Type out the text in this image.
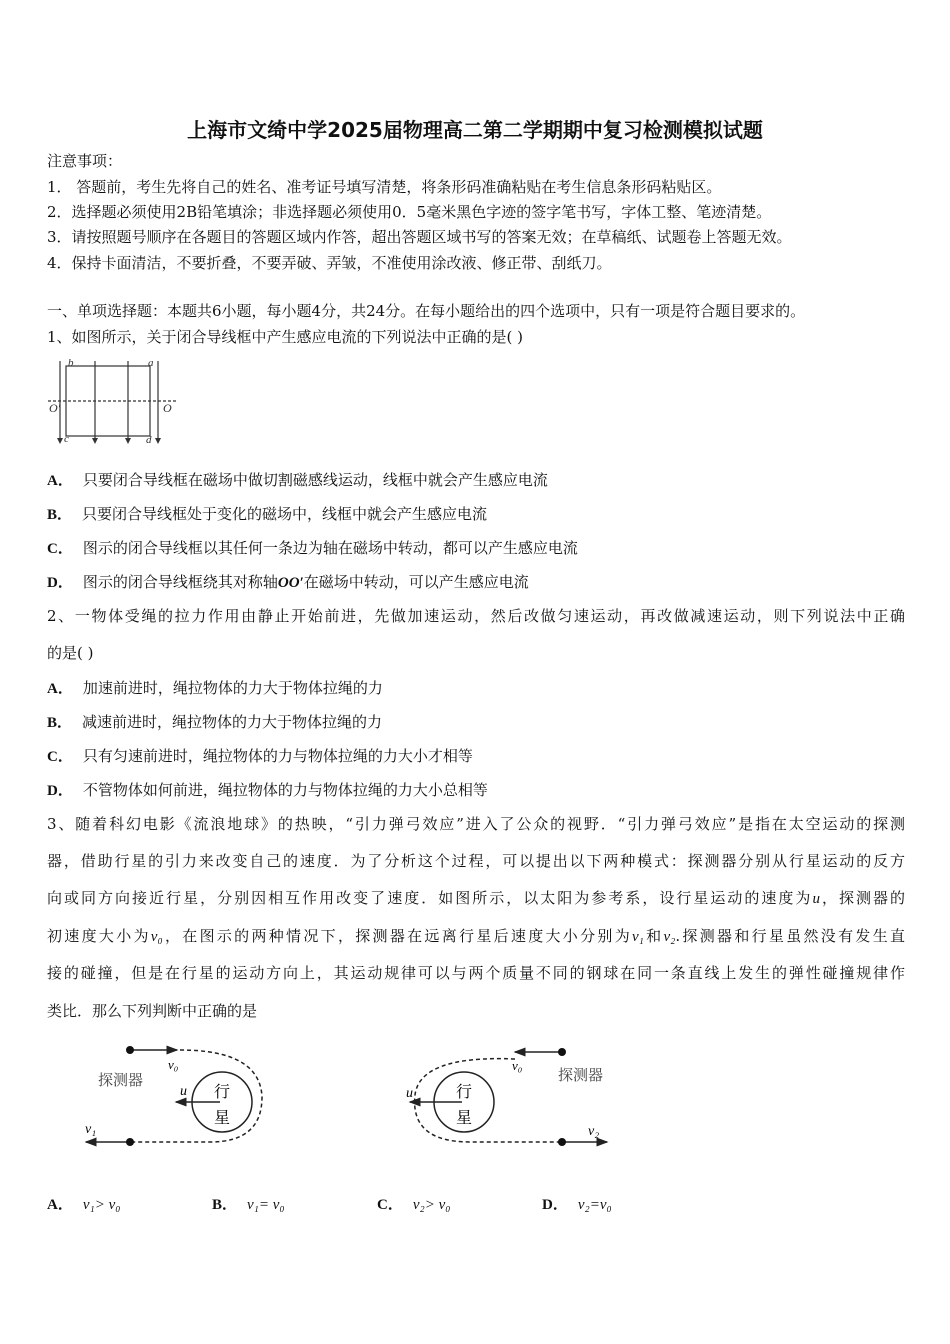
上海市文绮中学2025届物理高二第二学期期中复习检测模拟试题
注意事项：
1． 答题前，考生先将自己的姓名、准考证号填写清楚，将条形码准确粘贴在考生信息条形码粘贴区。
2．选择题必须使用2B铅笔填涂；非选择题必须使用0．5毫米黑色字迹的签字笔书写，字体工整、笔迹清楚。
3．请按照题号顺序在各题目的答题区域内作答，超出答题区域书写的答案无效；在草稿纸、试题卷上答题无效。
4．保持卡面清洁，不要折叠，不要弄破、弄皱，不准使用涂改液、修正带、刮纸刀。
一、单项选择题：本题共6小题，每小题4分，共24分。在每小题给出的四个选项中，只有一项是符合题目要求的。
1、如图所示，关于闭合导线框中产生感应电流的下列说法中正确的是( )
b	a
c	d
O′	O
A． 只要闭合导线框在磁场中做切割磁感线运动，线框中就会产生感应电流
B． 只要闭合导线框处于变化的磁场中，线框中就会产生感应电流
C． 图示的闭合导线框以其任何一条边为轴在磁场中转动，都可以产生感应电流
D． 图示的闭合导线框绕其对称轴OO′在磁场中转动，可以产生感应电流
2、一物体受绳的拉力作用由静止开始前进，先做加速运动，然后改做匀速运动，再改做减速运动，则下列说法中正确
的是( )
A． 加速前进时，绳拉物体的力大于物体拉绳的力
B． 减速前进时，绳拉物体的力大于物体拉绳的力
C． 只有匀速前进时，绳拉物体的力与物体拉绳的力大小才相等
D． 不管物体如何前进，绳拉物体的力与物体拉绳的力大小总相等
3、随着科幻电影《流浪地球》的热映，“引力弹弓效应”进入了公众的视野．“引力弹弓效应”是指在太空运动的探测
器，借助行星的引力来改变自己的速度．为了分析这个过程，可以提出以下两种模式：探测器分别从行星运动的反方
向或同方向接近行星，分别因相互作用改变了速度．如图所示，以太阳为参考系，设行星运动的速度为u，探测器的
初速度大小为v₀，在图示的两种情况下，探测器在远离行星后速度大小分别为v₁和v₂.探测器和行星虽然没有发生直
接的碰撞，但是在行星的运动方向上，其运动规律可以与两个质量不同的钢球在同一条直线上发生的弹性碰撞规律作
类比．那么下列判断中正确的是
探测器
v₀
u
v₁
行
星
探测器
v₀
u
v₂
行
星
A． v₁> v₀	B． v₁= v₀	C． v₂> v₀	D． v₂=v₀
